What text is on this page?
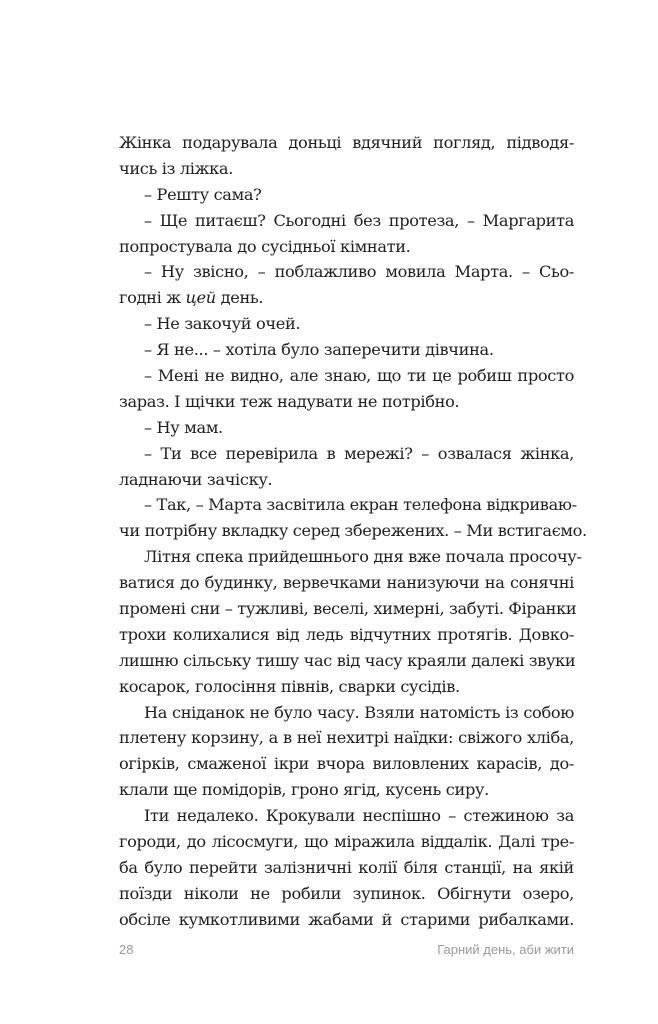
Жінка подарувала доньці вдячний погляд, підводя-
чись із ліжка.
– Решту сама?
– Ще питаєш? Сьогодні без протеза, – Маргарита
попростувала до сусідньої кімнати.
– Ну звісно, – поблажливо мовила Марта. – Сьо-
годні ж цей день.
– Не закочуй очей.
– Я не... – хотіла було заперечити дівчина.
– Мені не видно, але знаю, що ти це робиш просто
зараз. І щічки теж надувати не потрібно.
– Ну мам.
– Ти все перевірила в мережі? – озвалася жінка,
ладнаючи зачіску.
– Так, – Марта засвітила екран телефона відкриваю-
чи потрібну вкладку серед збережених. – Ми встигаємо.
Літня спека прийдешнього дня вже почала просочу-
ватися до будинку, вервечками нанизуючи на сонячні
промені сни – тужливі, веселі, химерні, забуті. Фіранки
трохи колихалися від ледь відчутних протягів. Довко-
лишню сільську тишу час від часу краяли далекі звуки
косарок, голосіння півнів, сварки сусідів.
На сніданок не було часу. Взяли натомість із собою
плетену корзину, а в неї нехитрі наїдки: свіжого хліба,
огірків, смаженої ікри вчора виловлених карасів, до-
клали ще помідорів, гроно ягід, кусень сиру.
Іти недалеко. Крокували неспішно – стежиною за
городи, до лісосмуги, що міражила віддалік. Далі тре-
ба було перейти залізничні колії біля станції, на якій
поїзди ніколи не робили зупинок. Обігнути озеро,
обсіле кумкотливими жабами й старими рибалками.
28	Гарний день, аби жити
